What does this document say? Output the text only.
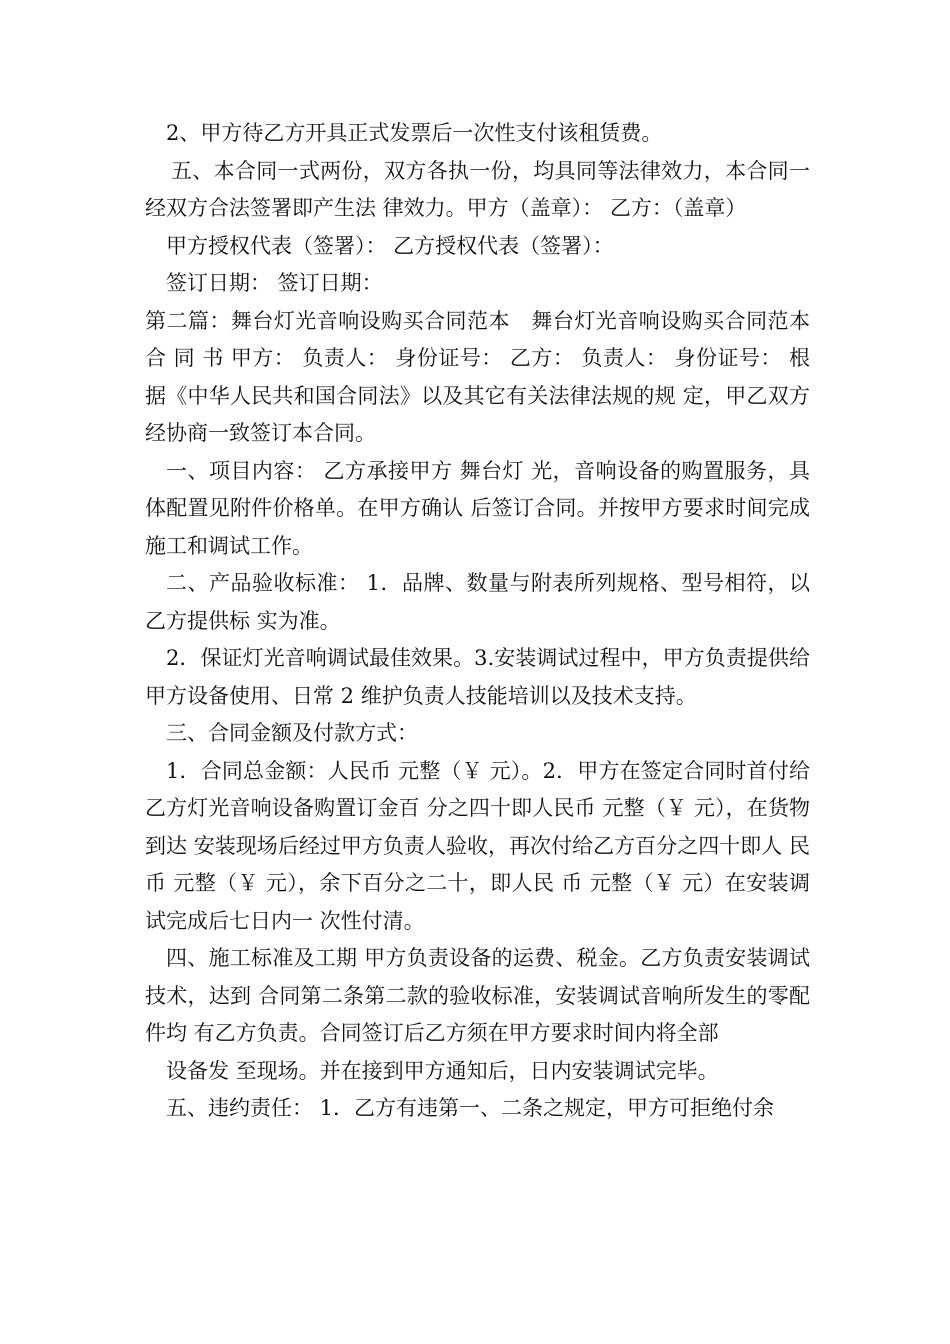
2、甲方待乙方开具正式发票后一次性支付该租赁费。

五、本合同一式两份，双方各执一份，均具同等法律效力，本合同一经双方合法签署即产生法 律效力。甲方（盖章）： 乙方：（盖章）

甲方授权代表（签署）： 乙方授权代表（签署）：

签订日期： 签订日期：

第二篇：舞台灯光音响设购买合同范本　舞台灯光音响设购买合同范本合 同 书 甲方： 负责人： 身份证号： 乙方： 负责人： 身份证号： 根据《中华人民共和国合同法》以及其它有关法律法规的规 定，甲乙双方经协商一致签订本合同。

一、项目内容： 乙方承接甲方 舞台灯 光，音响设备的购置服务，具体配置见附件价格单。在甲方确认 后签订合同。并按甲方要求时间完成施工和调试工作。

二、产品验收标准： 1．品牌、数量与附表所列规格、型号相符，以乙方提供标 实为准。

2．保证灯光音响调试最佳效果。3.安装调试过程中，甲方负责提供给甲方设备使用、日常 2 维护负责人技能培训以及技术支持。

三、合同金额及付款方式：

1．合同总金额：人民币 元整（￥ 元）。2．甲方在签定合同时首付给乙方灯光音响设备购置订金百 分之四十即人民币 元整（￥ 元），在货物到达 安装现场后经过甲方负责人验收，再次付给乙方百分之四十即人 民币 元整（￥ 元），余下百分之二十，即人民 币 元整（￥ 元）在安装调试完成后七日内一 次性付清。

四、施工标准及工期 甲方负责设备的运费、税金。乙方负责安装调试技术，达到 合同第二条第二款的验收标准，安装调试音响所发生的零配件均 有乙方负责。合同签订后乙方须在甲方要求时间内将全部

设备发 至现场。并在接到甲方通知后，日内安装调试完毕。

五、违约责任： 1．乙方有违第一、二条之规定，甲方可拒绝付余
